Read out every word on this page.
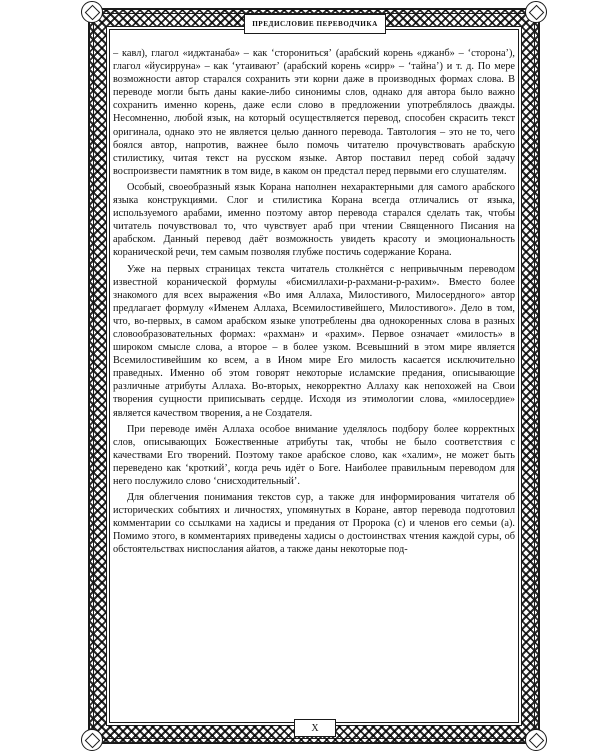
ПРЕДИСЛОВИЕ ПЕРЕВОДЧИКА

– кавл), глагол «иджтанаба» – как ʻсторонитьсяʼ (арабский корень «джанб» – ʻсторонаʼ), глагол «йусирруна» – как ʻутаиваютʼ (арабский корень «сирр» – ʻтайнаʼ) и т. д. По мере возможности автор старался сохранить эти корни даже в производных формах слова. В переводе могли быть даны какие-либо синонимы слов, однако для автора было важно сохранить именно корень, даже если слово в предложении употреблялось дважды. Несомненно, любой язык, на который осуществляется перевод, способен скрасить текст оригинала, однако это не является целью данного перевода. Тавтология – это не то, чего боялся автор, напротив, важнее было помочь читателю прочувствовать арабскую стилистику, читая текст на русском языке. Автор поставил перед собой задачу воспроизвести памятник в том виде, в каком он предстал перед первыми его слушателям.

Особый, своеобразный язык Корана наполнен нехарактерными для самого арабского языка конструкциями. Слог и стилистика Корана всегда отличались от языка, используемого арабами, именно поэтому автор перевода старался сделать так, чтобы читатель почувствовал то, что чувствует араб при чтении Священного Писания на арабском. Данный перевод даёт возможность увидеть красоту и эмоциональность коранической речи, тем самым позволяя глубже постичь содержание Корана.

Уже на первых страницах текста читатель столкнётся с непривычным переводом известной коранической формулы «бисмиллахи-р-рахмани-р-рахим». Вместо более знакомого для всех выражения «Во имя Аллаха, Милостивого, Милосердного» автор предлагает формулу «Именем Аллаха, Всемилостивейшего, Милостивого». Дело в том, что, во-первых, в самом арабском языке употреблены два однокоренных слова в разных словообразовательных формах: «рахман» и «рахим». Первое означает «милость» в широком смысле слова, а второе – в более узком. Всевышний в этом мире является Всемилостивейшим ко всем, а в Ином мире Его милость касается исключительно праведных. Именно об этом говорят некоторые исламские предания, описывающие различные атрибуты Аллаха. Во-вторых, некорректно Аллаху как непохожей на Свои творения сущности приписывать сердце. Исходя из этимологии слова, «милосердие» является качеством творения, а не Создателя.

При переводе имён Аллаха особое внимание уделялось подбору более корректных слов, описывающих Божественные атрибуты так, чтобы не было соответствия с качествами Его творений. Поэтому такое арабское слово, как «халим», не может быть переведено как ʻкроткийʼ, когда речь идёт о Боге. Наиболее правильным переводом для него послужило слово ʻснисходительныйʼ.

Для облегчения понимания текстов сур, а также для информирования читателя об исторических событиях и личностях, упомянутых в Коране, автор перевода подготовил комментарии со ссылками на хадисы и предания от Пророка (с) и членов его семьи (а). Помимо этого, в комментариях приведены хадисы о достоинствах чтения каждой суры, об обстоятельствах ниспослания айатов, а также даны некоторые под-

X
